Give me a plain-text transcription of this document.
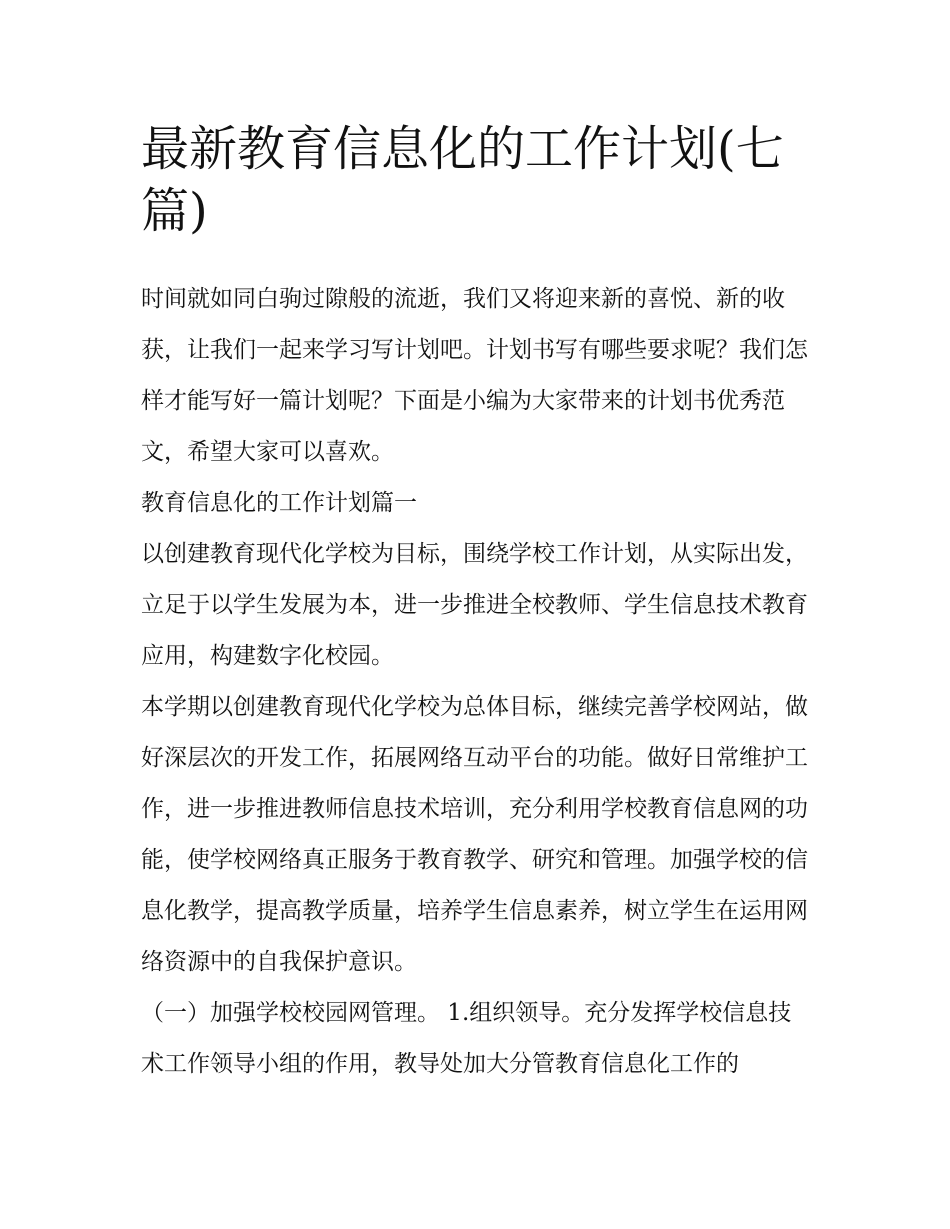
最新教育信息化的工作计划(七篇)

时间就如同白驹过隙般的流逝，我们又将迎来新的喜悦、新的收获，让我们一起来学习写计划吧。计划书写有哪些要求呢？我们怎样才能写好一篇计划呢？下面是小编为大家带来的计划书优秀范文，希望大家可以喜欢。

教育信息化的工作计划篇一

以创建教育现代化学校为目标，围绕学校工作计划，从实际出发，立足于以学生发展为本，进一步推进全校教师、学生信息技术教育应用，构建数字化校园。

本学期以创建教育现代化学校为总体目标，继续完善学校网站，做好深层次的开发工作，拓展网络互动平台的功能。做好日常维护工作，进一步推进教师信息技术培训，充分利用学校教育信息网的功能，使学校网络真正服务于教育教学、研究和管理。加强学校的信息化教学，提高教学质量，培养学生信息素养，树立学生在运用网络资源中的自我保护意识。

（一）加强学校校园网管理。 1.组织领导。充分发挥学校信息技术工作领导小组的作用，教导处加大分管教育信息化工作的
